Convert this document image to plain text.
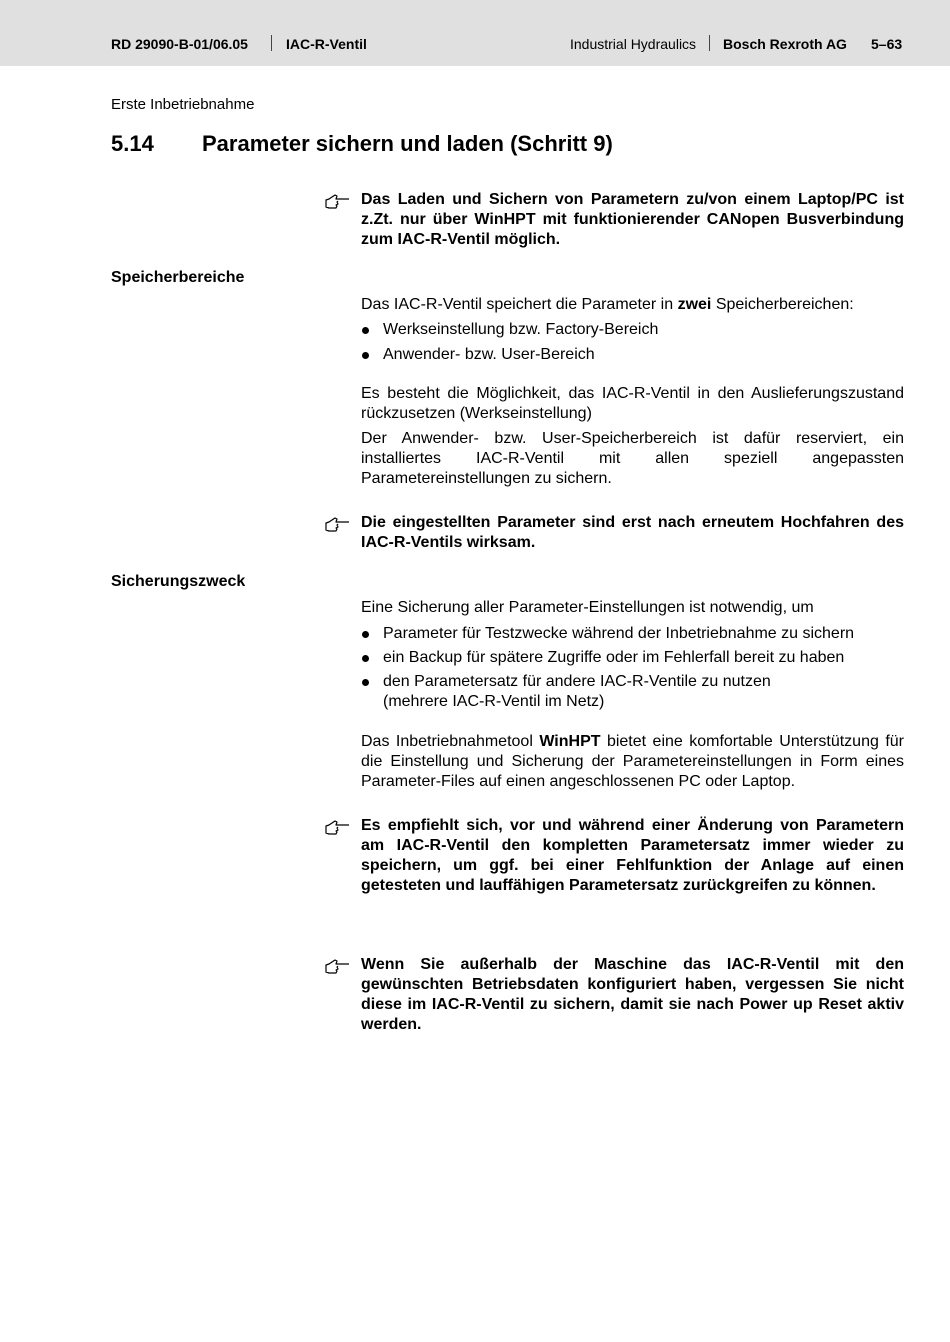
RD 29090-B-01/06.05	IAC-R-Ventil	Industrial Hydraulics Bosch Rexroth AG 5–63
Erste Inbetriebnahme
5.14 Parameter sichern und laden (Schritt 9)
Das Laden und Sichern von Parametern zu/von einem Laptop/PC ist z.Zt. nur über WinHPT mit funktionierender CANopen Busverbindung zum IAC-R-Ventil möglich.
Speicherbereiche
Das IAC-R-Ventil speichert die Parameter in zwei Speicherbereichen:
Werkseinstellung bzw. Factory-Bereich
Anwender- bzw. User-Bereich
Es besteht die Möglichkeit, das IAC-R-Ventil in den Auslieferungszustand rückzusetzen (Werkseinstellung)
Der Anwender- bzw. User-Speicherbereich ist dafür reserviert, ein installiertes IAC-R-Ventil mit allen speziell angepassten Parametereinstellungen zu sichern.
Die eingestellten Parameter sind erst nach erneutem Hochfahren des IAC-R-Ventils wirksam.
Sicherungszweck
Eine Sicherung aller Parameter-Einstellungen ist notwendig, um
Parameter für Testzwecke während der Inbetriebnahme zu sichern
ein Backup für spätere Zugriffe oder im Fehlerfall bereit zu haben
den Parametersatz für andere IAC-R-Ventile zu nutzen
(mehrere IAC-R-Ventil im Netz)
Das Inbetriebnahmetool WinHPT bietet eine komfortable Unterstützung für die Einstellung und Sicherung der Parametereinstellungen in Form eines Parameter-Files auf einen angeschlossenen PC oder Laptop.
Es empfiehlt sich, vor und während einer Änderung von Parametern am IAC-R-Ventil den kompletten Parametersatz immer wieder zu speichern, um ggf. bei einer Fehlfunktion der Anlage auf einen getesteten und lauffähigen Parametersatz zurückgreifen zu können.
Wenn Sie außerhalb der Maschine das IAC-R-Ventil mit den gewünschten Betriebsdaten konfiguriert haben, vergessen Sie nicht diese im IAC-R-Ventil zu sichern, damit sie nach Power up Reset aktiv werden.
